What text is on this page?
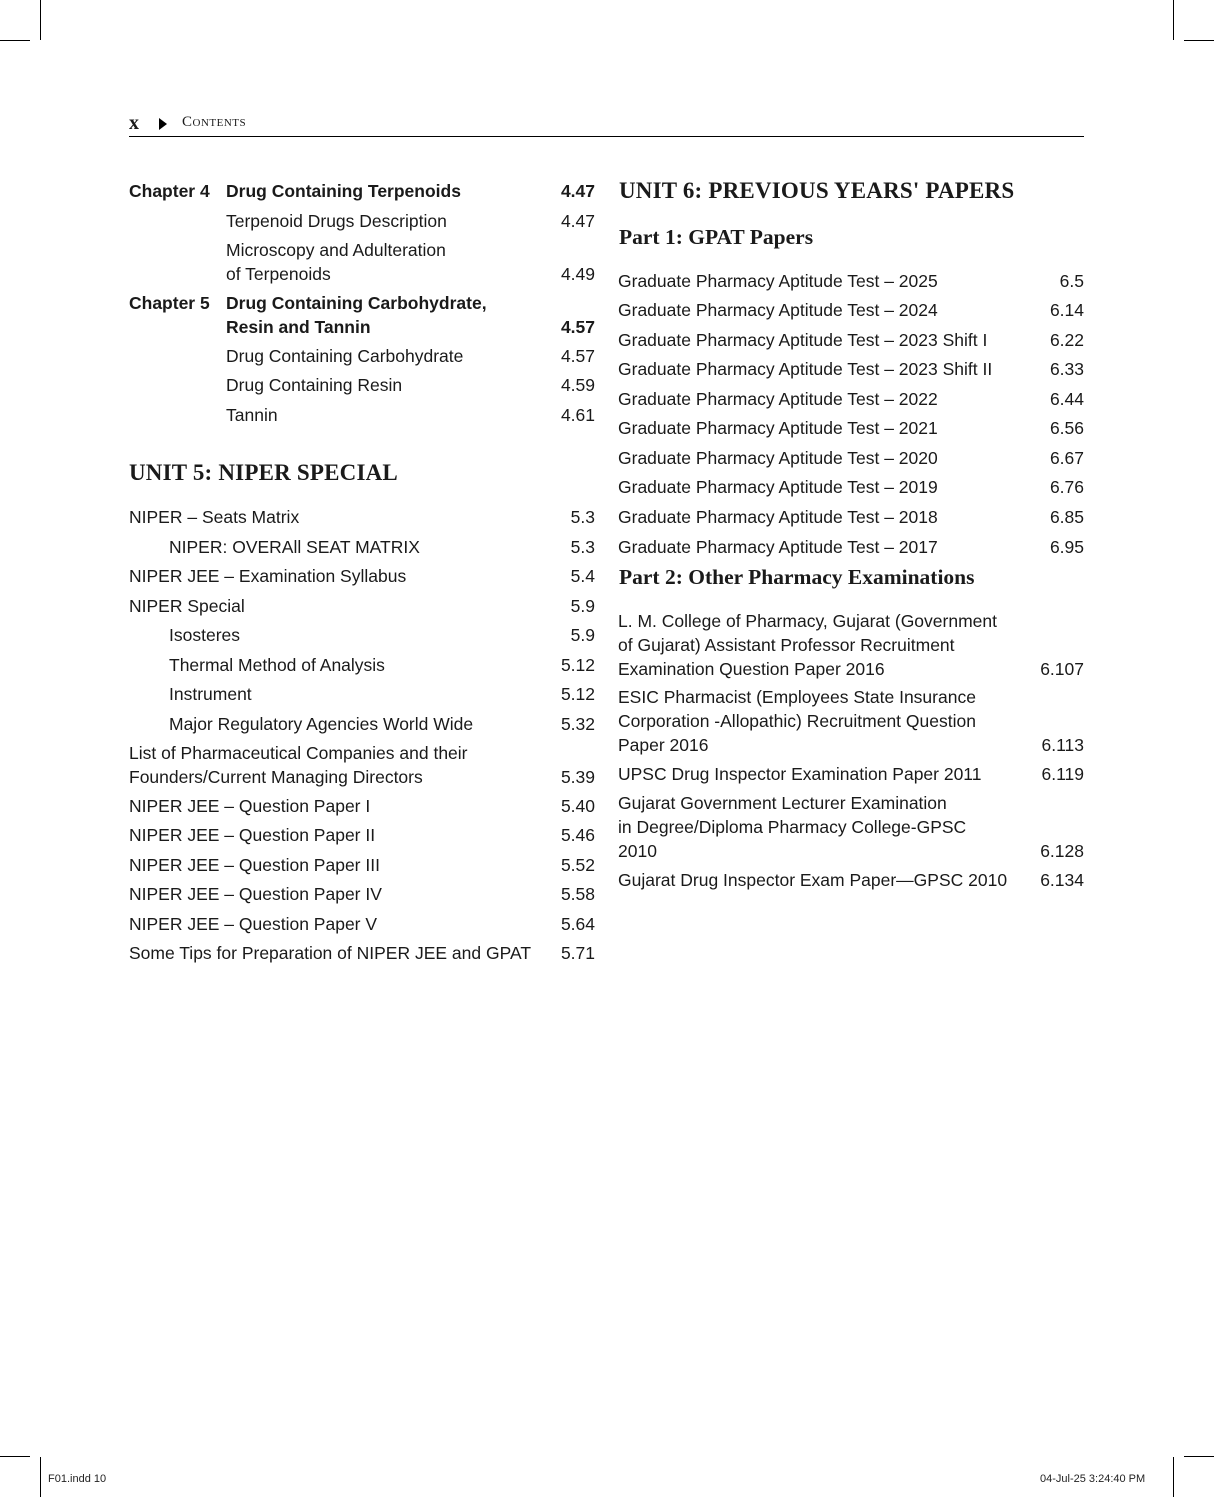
x	Contents
Chapter 4 Drug Containing Terpenoids	4.47
Terpenoid Drugs Description	4.47
Microscopy and Adulteration
of Terpenoids	4.49
Chapter 5 Drug Containing Carbohydrate,
Resin and Tannin	4.57
Drug Containing Carbohydrate	4.57
Drug Containing Resin	4.59
Tannin	4.61
UNIT 5: NIPER SPECIAL
NIPER – Seats Matrix	5.3
NIPER: OVERAll SEAT MATRIX	5.3
NIPER JEE – Examination Syllabus	5.4
NIPER Special	5.9
Isosteres	5.9
Thermal Method of Analysis	5.12
Instrument	5.12
Major Regulatory Agencies World Wide	5.32
List of Pharmaceutical Companies and their
Founders/Current Managing Directors	5.39
NIPER JEE – Question Paper I	5.40
NIPER JEE – Question Paper II	5.46
NIPER JEE – Question Paper III	5.52
NIPER JEE – Question Paper IV	5.58
NIPER JEE – Question Paper V	5.64
Some Tips for Preparation of NIPER JEE and GPAT	5.71
UNIT 6: PREVIOUS YEARS' PAPERS
Part 1: GPAT Papers
Graduate Pharmacy Aptitude Test – 2025	6.5
Graduate Pharmacy Aptitude Test – 2024	6.14
Graduate Pharmacy Aptitude Test – 2023 Shift I	6.22
Graduate Pharmacy Aptitude Test – 2023 Shift II	6.33
Graduate Pharmacy Aptitude Test – 2022	6.44
Graduate Pharmacy Aptitude Test – 2021	6.56
Graduate Pharmacy Aptitude Test – 2020	6.67
Graduate Pharmacy Aptitude Test – 2019	6.76
Graduate Pharmacy Aptitude Test – 2018	6.85
Graduate Pharmacy Aptitude Test – 2017	6.95
Part 2: Other Pharmacy Examinations
L. M. College of Pharmacy, Gujarat (Government
of Gujarat) Assistant Professor Recruitment
Examination Question Paper 2016	6.107
ESIC Pharmacist (Employees State Insurance
Corporation -Allopathic) Recruitment Question
Paper 2016	6.113
UPSC Drug Inspector Examination Paper 2011	6.119
Gujarat Government Lecturer Examination
in Degree/Diploma Pharmacy College-GPSC
2010	6.128
Gujarat Drug Inspector Exam Paper—GPSC 2010	6.134
F01.indd 10	04-Jul-25 3:24:40 PM
